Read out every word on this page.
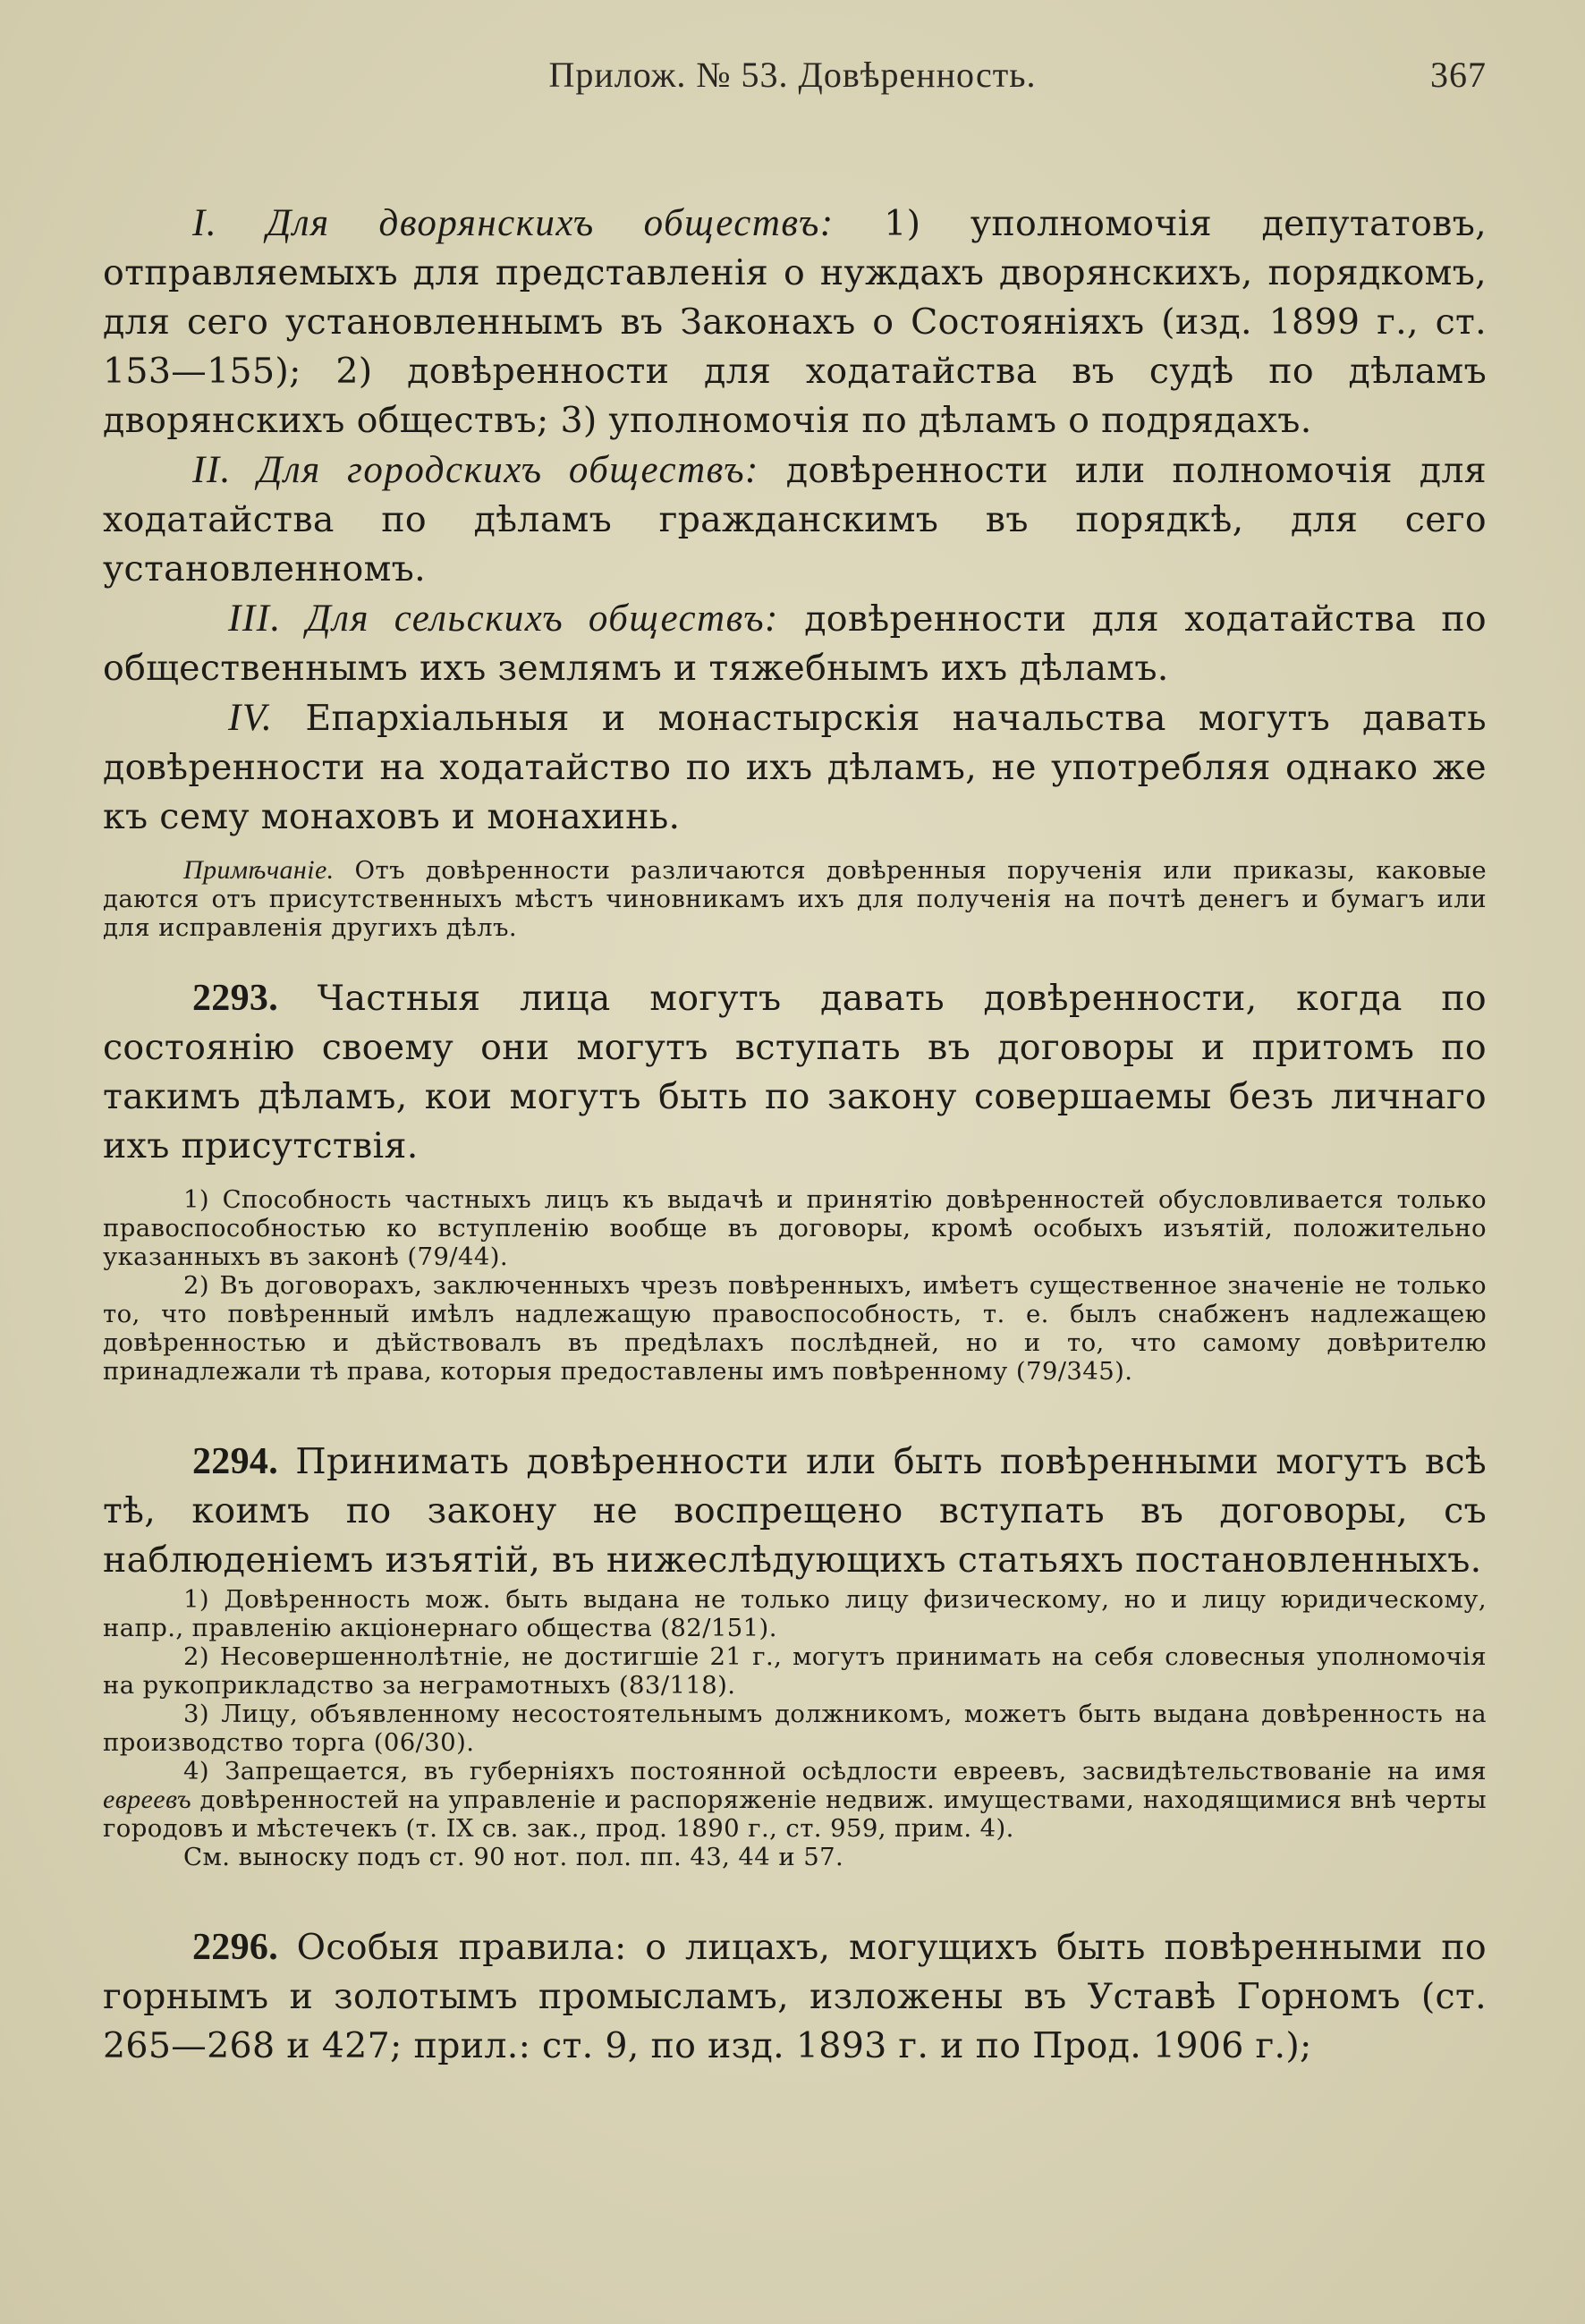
Прилож. № 53. Довѣренность.	367

I. Для дворянскихъ обществъ: 1) уполномочія депутатовъ, отправляемыхъ для представленія о нуждахъ дворянскихъ, порядкомъ, для сего установленнымъ въ Законахъ о Состояніяхъ (изд. 1899 г., ст. 153—155); 2) довѣренности для ходатайства въ судѣ по дѣламъ дворянскихъ обществъ; 3) уполномочія по дѣламъ о подрядахъ.

II. Для городскихъ обществъ: довѣренности или полномочія для ходатайства по дѣламъ гражданскимъ въ порядкѣ, для сего установленномъ.

III. Для сельскихъ обществъ: довѣренности для ходатайства по общественнымъ ихъ землямъ и тяжебнымъ ихъ дѣламъ.

IV. Епархіальныя и монастырскія начальства могутъ давать довѣренности на ходатайство по ихъ дѣламъ, не употребляя однако же къ сему монаховъ и монахинь.

Примѣчаніе. Отъ довѣренности различаются довѣренныя порученія или приказы, каковые даются отъ присутственныхъ мѣстъ чиновникамъ ихъ для полученія на почтѣ денегъ и бумагъ или для исправленія другихъ дѣлъ.

2293. Частныя лица могутъ давать довѣренности, когда по состоянію своему они могутъ вступать въ договоры и притомъ по такимъ дѣламъ, кои могутъ быть по закону совершаемы безъ личнаго ихъ присутствія.

1) Способность частныхъ лицъ къ выдачѣ и принятію довѣренностей обусловливается только правоспособностью ко вступленію вообще въ договоры, кромѣ особыхъ изъятій, положительно указанныхъ въ законѣ (79/44).

2) Въ договорахъ, заключенныхъ чрезъ повѣренныхъ, имѣетъ существенное значеніе не только то, что повѣренный имѣлъ надлежащую правоспособность, т. е. былъ снабженъ надлежащею довѣренностью и дѣйствовалъ въ предѣлахъ послѣдней, но и то, что самому довѣрителю принадлежали тѣ права, которыя предоставлены имъ повѣренному (79/345).

2294. Принимать довѣренности или быть повѣренными могутъ всѣ тѣ, коимъ по закону не воспрещено вступать въ договоры, съ наблюденіемъ изъятій, въ нижеслѣдующихъ статьяхъ постановленныхъ.

1) Довѣренность мож. быть выдана не только лицу физическому, но и лицу юридическому, напр., правленію акціонернаго общества (82/151).

2) Несовершеннолѣтніе, не достигшіе 21 г., могутъ принимать на себя словесныя уполномочія на рукоприкладство за неграмотныхъ (83/118).

3) Лицу, объявленному несостоятельнымъ должникомъ, можетъ быть выдана довѣренность на производство торга (06/30).

4) Запрещается, въ губерніяхъ постоянной осѣдлости евреевъ, засвидѣтельствованіе на имя евреевъ довѣренностей на управленіе и распоряженіе недвиж. имуществами, находящимися внѣ черты городовъ и мѣстечекъ (т. IX св. зак., прод. 1890 г., ст. 959, прим. 4).

См. выноску подъ ст. 90 нот. пол. пп. 43, 44 и 57.

2296. Особыя правила: о лицахъ, могущихъ быть повѣренными по горнымъ и золотымъ промысламъ, изложены въ Уставѣ Горномъ (ст. 265—268 и 427; прил.: ст. 9, по изд. 1893 г. и по Прод. 1906 г.);
